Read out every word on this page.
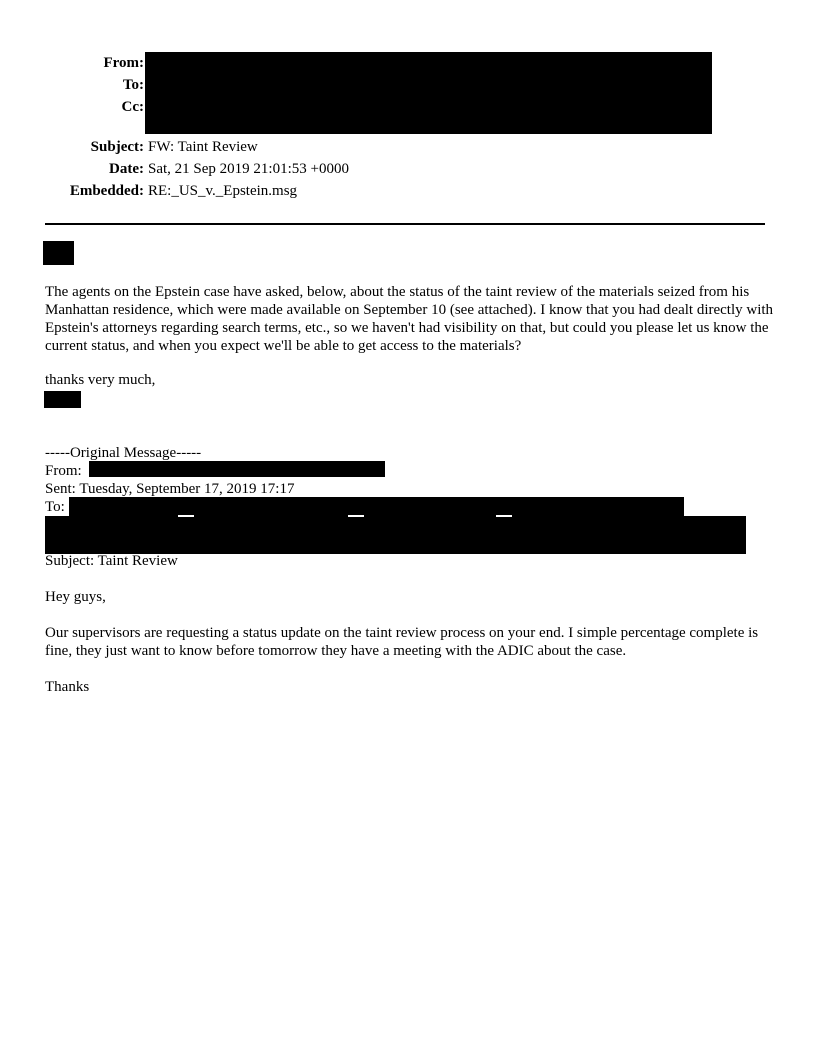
From:
To:
Cc:
Subject: FW: Taint Review
Date: Sat, 21 Sep 2019 21:01:53 +0000
Embedded: RE:_US_v._Epstein.msg
The agents on the Epstein case have asked, below, about the status of the taint review of the materials seized from his Manhattan residence, which were made available on September 10 (see attached). I know that you had dealt directly with Epstein's attorneys regarding search terms, etc., so we haven't had visibility on that, but could you please let us know the current status, and when you expect we'll be able to get access to the materials?
thanks very much,
-----Original Message-----
From:
Sent: Tuesday, September 17, 2019 17:17
To:
Subject: Taint Review
Hey guys,
Our supervisors are requesting a status update on the taint review process on your end. I simple percentage complete is fine, they just want to know before tomorrow they have a meeting with the ADIC about the case.
Thanks
